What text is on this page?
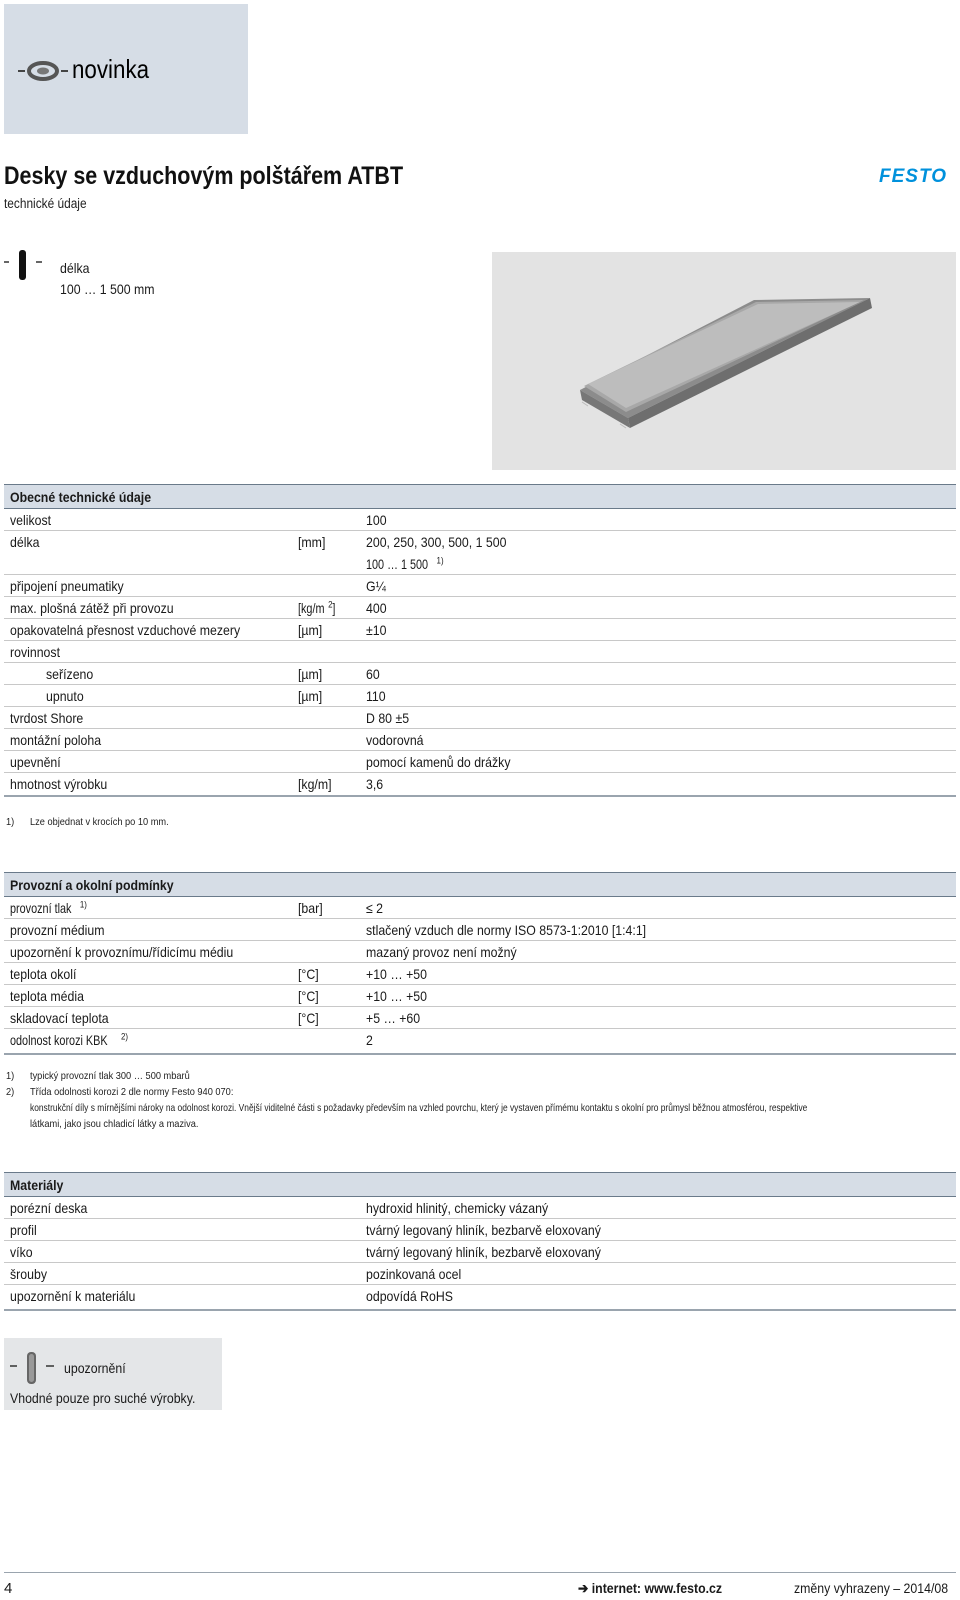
novinka
Desky se vzduchovým polštářem ATBT
technické údaje
FESTO
délka
100 … 1 500 mm
Obecné technické údaje
velikost	100
délka	[mm]	200, 250, 300, 500, 1 500
100 … 1 500 $^{1)}$
připojení pneumatiky	G¼
max. plošná zátěž při provozu	[kg/m $^2$] 400
opakovatelná přesnost vzduchové mezery	[µm]	±10
rovinnost
seřízeno	[µm]	60
upnuto	[µm]	110
tvrdost Shore	D 80 ±5
montážní poloha	vodorovná
upevnění	pomocí kamenů do drážky
hmotnost výrobku	[kg/m] 3,6
1) Lze objednat v krocích po 10 mm.
Provozní a okolní podmínky
provozní tlak $^{1)}$	[bar]	≤ 2
provozní médium	stlačený vzduch dle normy ISO 8573-1:2010 [1:4:1]
upozornění k provoznímu/řídicímu médiu	mazaný provoz není možný
teplota okolí	[°C]	+10 … +50
teplota média	[°C]	+10 … +50
skladovací teplota	[°C]	+5 … +60
odolnost korozi KBK $^{2)}$	2
1) typický provozní tlak 300 … 500 mbarů
2) Třída odolnosti korozi 2 dle normy Festo 940 070:
konstrukční díly s mírnějšími nároky na odolnost korozi. Vnější viditelné části s požadavky především na vzhled povrchu, který je vystaven přímému kontaktu s okolní pro průmysl běžnou atmosférou, respektive
látkami, jako jsou chladicí látky a maziva.
Materiály
porézní deska	hydroxid hlinitý, chemicky vázaný
profil	tvárný legovaný hliník, bezbarvě eloxovaný
víko	tvárný legovaný hliník, bezbarvě eloxovaný
šrouby	pozinkovaná ocel
upozornění k materiálu	odpovídá RoHS
upozornění
Vhodné pouze pro suché výrobky.
4	➔ internet: www.festo.cz	změny vyhrazeny – 2014/08
